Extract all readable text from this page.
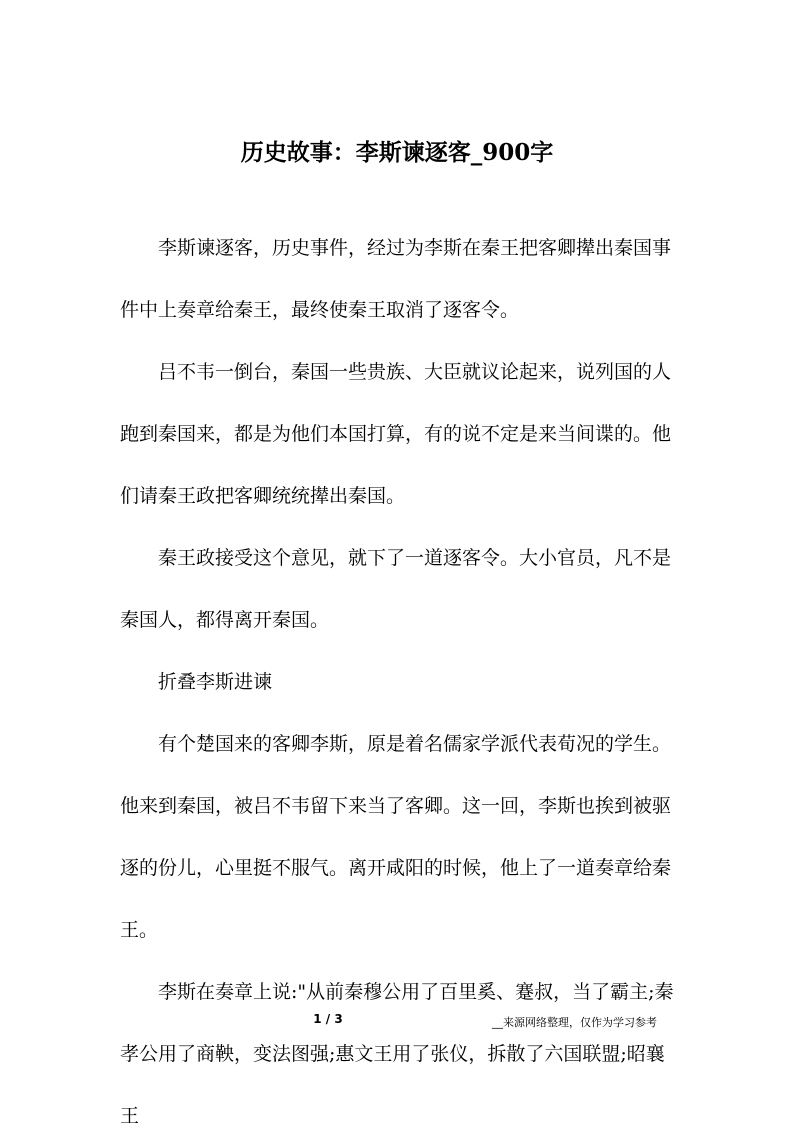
历史故事：李斯谏逐客_900字

李斯谏逐客，历史事件，经过为李斯在秦王把客卿撵出秦国事件中上奏章给秦王，最终使秦王取消了逐客令。

吕不韦一倒台，秦国一些贵族、大臣就议论起来，说列国的人跑到秦国来，都是为他们本国打算，有的说不定是来当间谍的。他们请秦王政把客卿统统撵出秦国。

秦王政接受这个意见，就下了一道逐客令。大小官员，凡不是秦国人，都得离开秦国。

折叠李斯进谏

有个楚国来的客卿李斯，原是着名儒家学派代表荀况的学生。他来到秦国，被吕不韦留下来当了客卿。这一回，李斯也挨到被驱逐的份儿，心里挺不服气。离开咸阳的时候，他上了一道奏章给秦王。

李斯在奏章上说:"从前秦穆公用了百里奚、蹇叔，当了霸主;秦孝公用了商鞅，变法图强;惠文王用了张仪，拆散了六国联盟;昭襄王

1 / 3	__来源网络整理，仅作为学习参考
